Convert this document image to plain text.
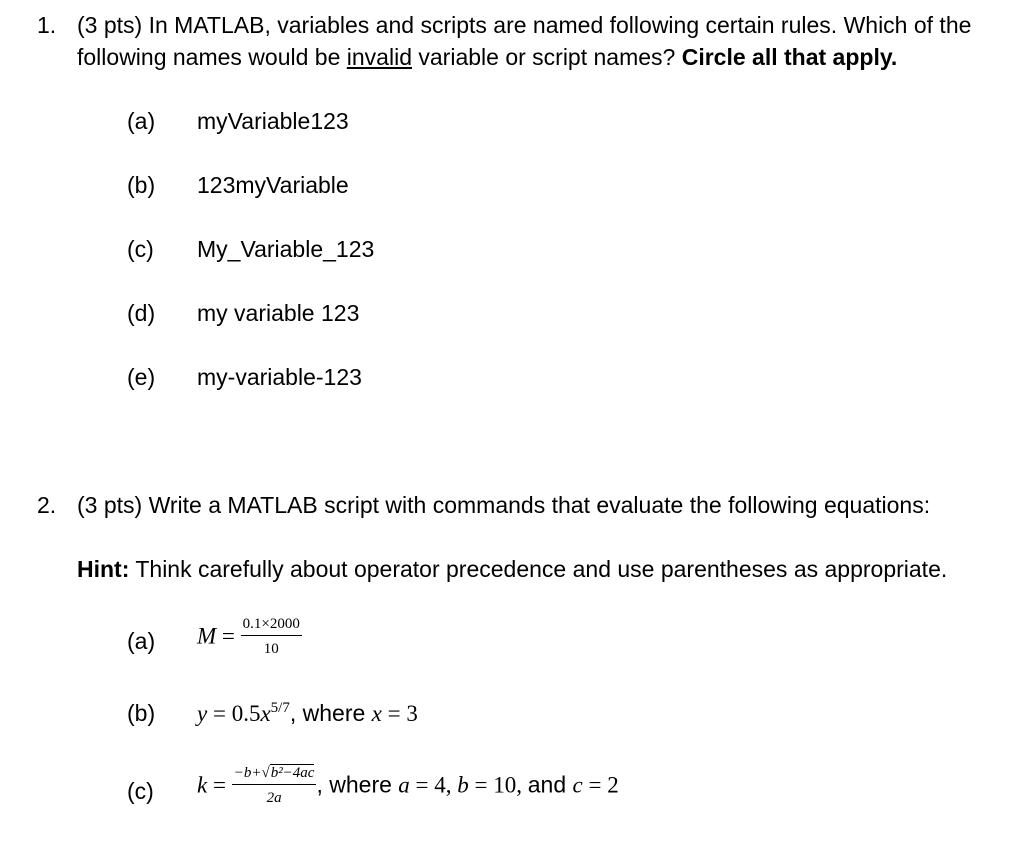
1. (3 pts) In MATLAB, variables and scripts are named following certain rules. Which of the
following names would be invalid variable or script names? Circle all that apply.
(a) myVariable123
(b) 123myVariable
(c) My_Variable_123
(d) my variable 123
(e) my-variable-123
2. (3 pts) Write a MATLAB script with commands that evaluate the following equations:
Hint: Think carefully about operator precedence and use parentheses as appropriate.
(a) $M = \frac{0.1\times 2000}{10}$
(b) $y = 0.5x^{5/7}$, where x = 3
(c) $k = \frac{\text{−b+√b²−4ac}}{2a}$ , where a = 4, b = 10, and c = 2
